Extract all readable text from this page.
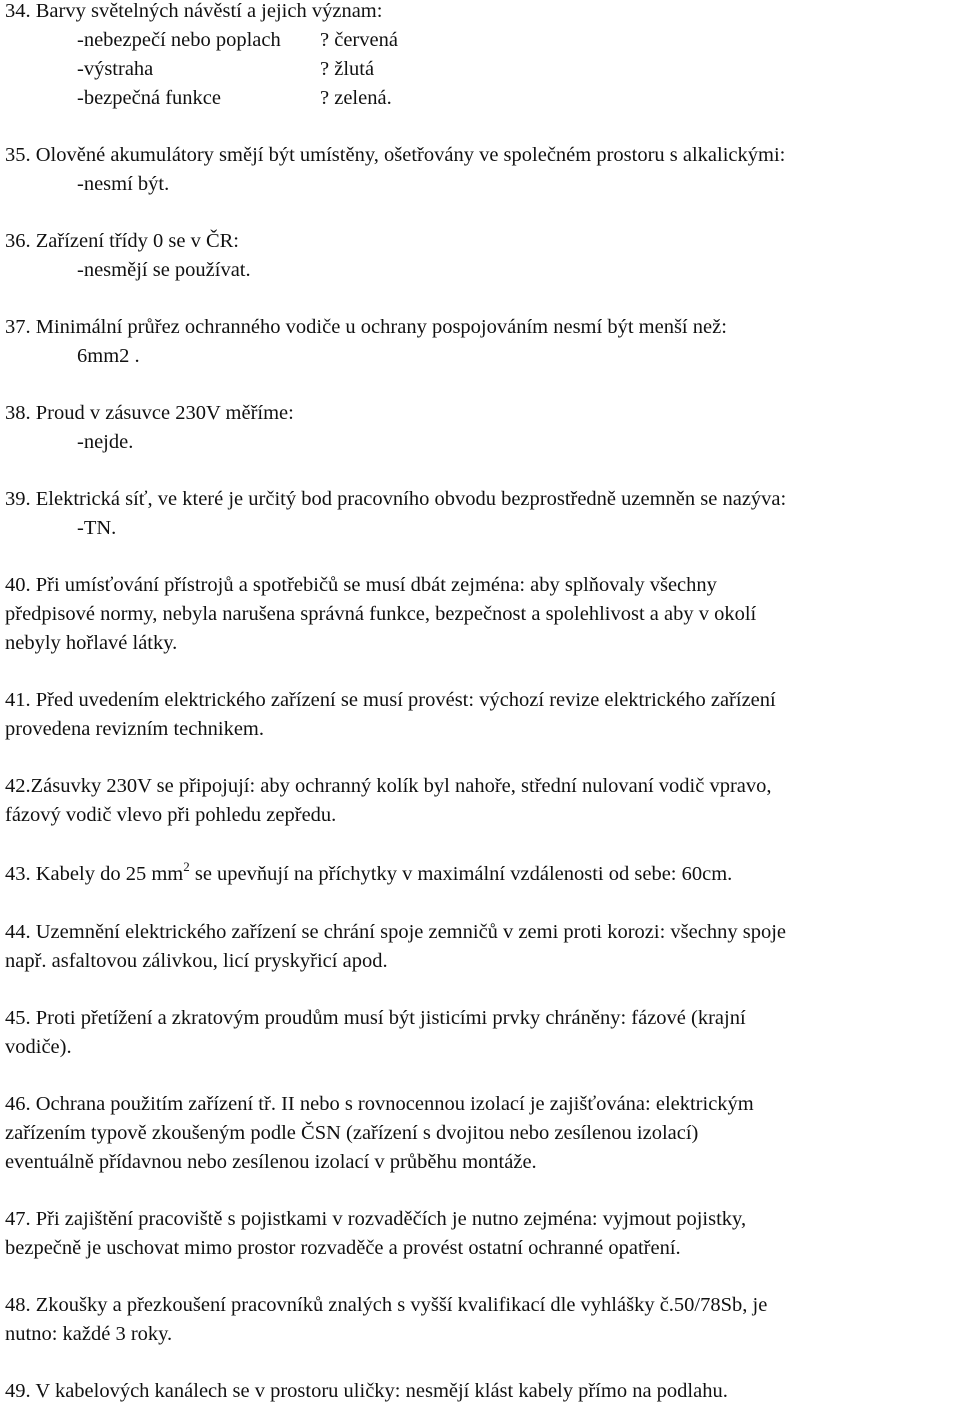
34. Barvy světelných návěstí a jejich význam:
-nebezpečí nebo poplach ? červená
-výstraha	? žlutá
-bezpečná funkce	? zelená.
35. Olověné akumulátory smějí být umístěny, ošetřovány ve společném prostoru s alkalickými:
-nesmí být.
36. Zařízení třídy 0 se v ČR:
-nesmějí se používat.
37. Minimální průřez ochranného vodiče u ochrany pospojováním nesmí být menší než:
6mm2 .
38. Proud v zásuvce 230V měříme:
-nejde.
39. Elektrická síť, ve které je určitý bod pracovního obvodu bezprostředně uzemněn se nazýva:
-TN.
40. Při umísťování přístrojů a spotřebičů se musí dbát zejména: aby splňovaly všechny
předpisové normy, nebyla narušena správná funkce, bezpečnost a spolehlivost a aby v okolí
nebyly hořlavé látky.
41. Před uvedením elektrického zařízení se musí provést: výchozí revize elektrického zařízení
provedena revizním technikem.
42.Zásuvky 230V se připojují: aby ochranný kolík byl nahoře, střední nulovaní vodič vpravo,
fázový vodič vlevo při pohledu zepředu.
43. Kabely do 25 $mm^2$ se upevňují na příchytky v maximální vzdálenosti od sebe: 60cm.
44. Uzemnění elektrického zařízení se chrání spoje zemničů v zemi proti korozi: všechny spoje
např. asfaltovou zálivkou, licí pryskyřicí apod.
45. Proti přetížení a zkratovým proudům musí být jisticími prvky chráněny: fázové (krajní
vodiče).
46. Ochrana použitím zařízení tř. II nebo s rovnocennou izolací je zajišťována: elektrickým
zařízením typově zkoušeným podle ČSN (zařízení s dvojitou nebo zesílenou izolací)
eventuálně přídavnou nebo zesílenou izolací v průběhu montáže.
47. Při zajištění pracoviště s pojistkami v rozvaděčích je nutno zejména: vyjmout pojistky,
bezpečně je uschovat mimo prostor rozvaděče a provést ostatní ochranné opatření.
48. Zkoušky a přezkoušení pracovníků znalých s vyšší kvalifikací dle vyhlášky č.50/78Sb, je
nutno: každé 3 roky.
49. V kabelových kanálech se v prostoru uličky: nesmějí klást kabely přímo na podlahu.
